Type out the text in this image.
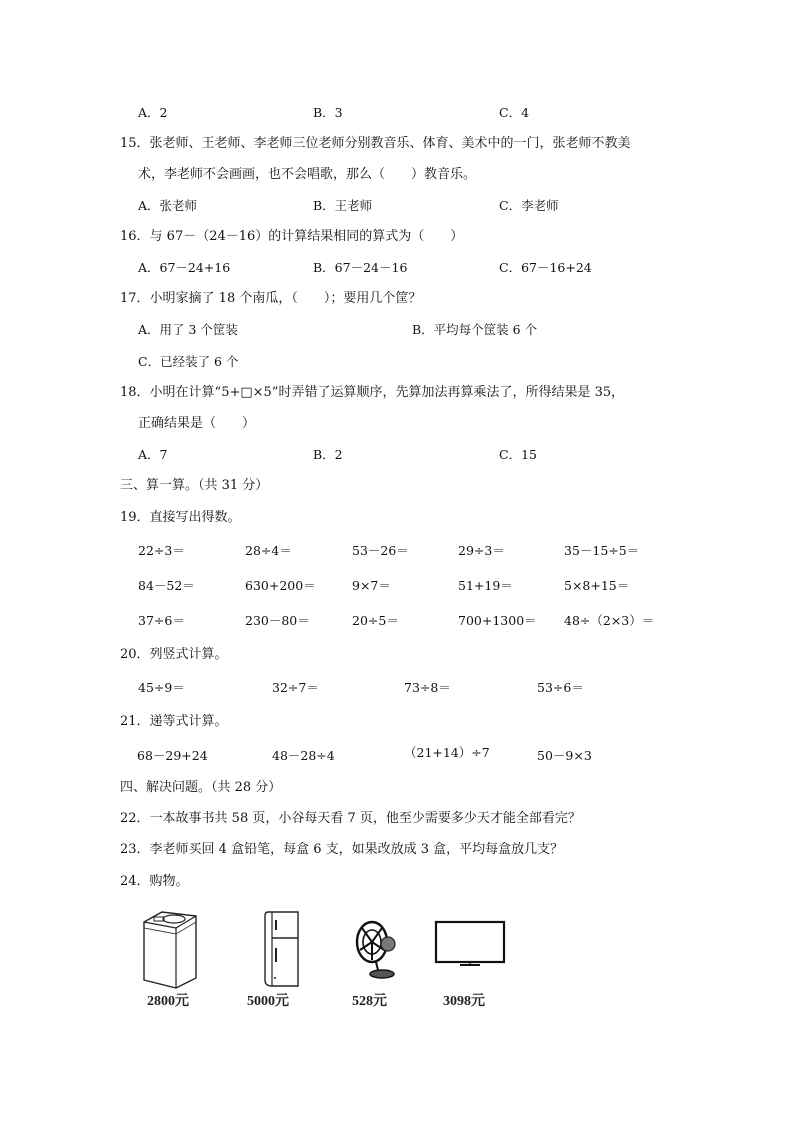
A．2	B．3	C．4
15．张老师、王老师、李老师三位老师分别教音乐、体育、美术中的一门，张老师不教美
术，李老师不会画画，也不会唱歌，那么（　　）教音乐。
A．张老师	B．王老师	C．李老师
16．与 67－（24－16）的计算结果相同的算式为（　　）
A．67－24+16	B．67－24－16	C．67－16+24
17．小明家摘了 18 个南瓜，（　　）；要用几个筐？
A．用了 3 个筐装	B．平均每个筐装 6 个
C．已经装了 6 个
18．小明在计算“5+□×5”时弄错了运算顺序，先算加法再算乘法了，所得结果是 35，
正确结果是（　　）
A．7	B．2	C．15
三、算一算。（共 31 分）
19．直接写出得数。
22÷3＝	28÷4＝	53－26＝	29÷3＝	35－15÷5＝
84－52＝	630+200＝	9×7＝	51+19＝	5×8+15＝
37÷6＝	230－80＝	20÷5＝	700+1300＝ 48÷（2×3）＝
20．列竖式计算。
45÷9＝	32÷7＝	73÷8＝	53÷6＝
21．递等式计算。
68－29+24	48－28÷4	（21+14）÷7	50－9×3
四、解决问题。（共 28 分）
22．一本故事书共 58 页，小谷每天看 7 页，他至少需要多少天才能全部看完？
23．李老师买回 4 盒铅笔，每盒 6 支，如果改放成 3 盒，平均每盒放几支？
24．购物。
2800元	5000元	528元	3098元
